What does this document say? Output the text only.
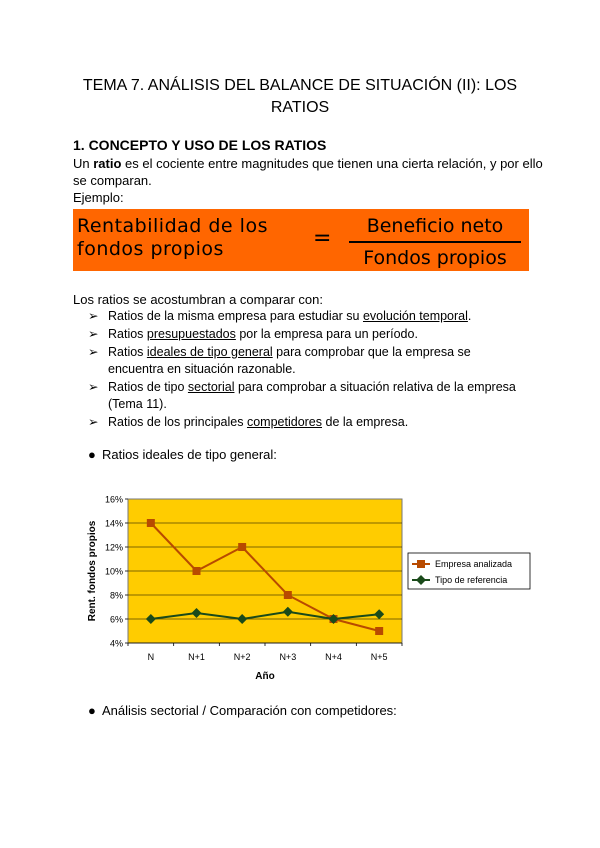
TEMA 7. ANÁLISIS DEL BALANCE DE SITUACIÓN (II): LOS RATIOS
1. CONCEPTO Y USO DE LOS RATIOS
Un ratio es el cociente entre magnitudes que tienen una cierta relación, y por ello se comparan.
Ejemplo:
Rentabilidad de los
fondos propios	=	Beneficio neto
Fondos propios
Los ratios se acostumbran a comparar con:
➢ Ratios de la misma empresa para estudiar su evolución temporal.
➢ Ratios presupuestados por la empresa para un período.
➢ Ratios ideales de tipo general para comprobar que la empresa se encuentra en situación razonable.
➢ Ratios de tipo sectorial para comprobar a situación relativa de la empresa (Tema 11).
➢ Ratios de los principales competidores de la empresa.
● Ratios ideales de tipo general:
4%
6%
8%
10%
12%
14%
16%
N	N+1	N+2	N+3	N+4	N+5
Año
Rent. fondos propios	Empresa analizada
Tipo de referencia
● Análisis sectorial / Comparación con competidores:
